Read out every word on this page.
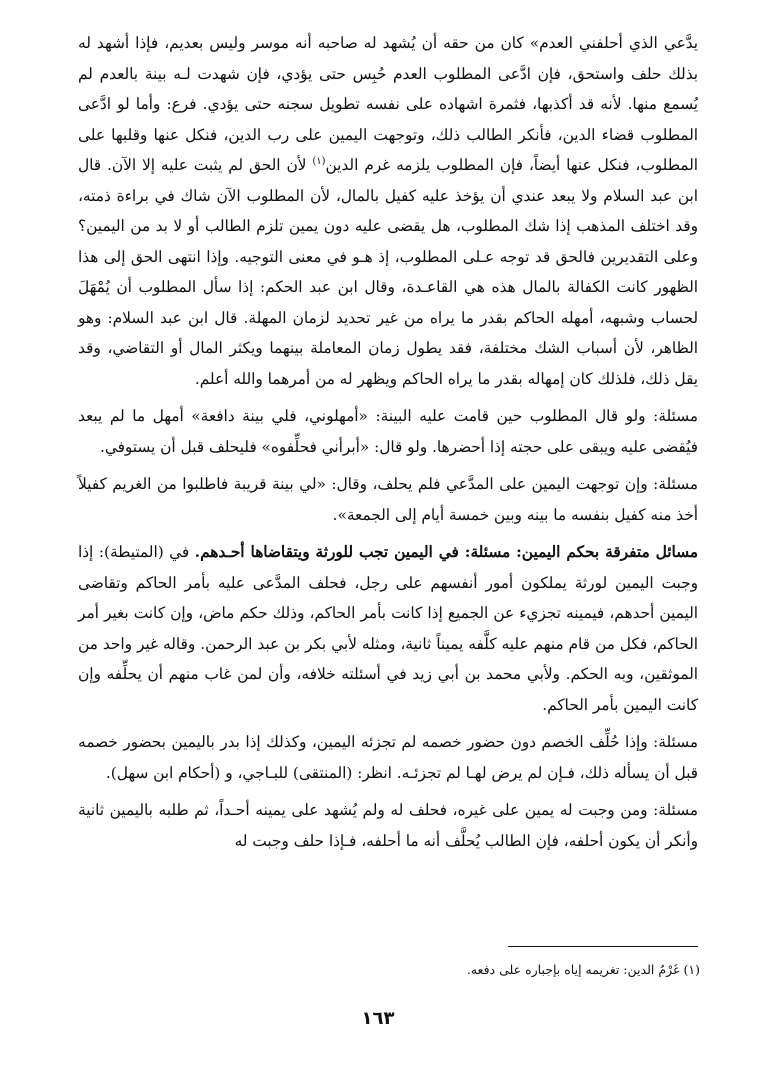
يدَّعي الذي أحلفني العدم» كان من حقه أن يُشهد له صاحبه أنه موسر وليس بعديم، فإذا أشهد له بذلك حلف واستحق، فإن ادَّعى المطلوب العدم حُبِس حتى يؤدي، فإن شهدت لـه بينة بالعدم لم يُسمع منها. لأنه قد أكذبها، فثمرة اشهاده على نفسه تطويل سجنه حتى يؤدي. فرع: وأما لو ادَّعى المطلوب قضاء الدين، فأنكر الطالب ذلك، وتوجهت اليمين على رب الدين، فنكل عنها وقلبها على المطلوب، فنكل عنها أيضاً، فإن المطلوب يلزمه غرم الدين$^{(١)}$ لأن الحق لم يثبت عليه إلا الآن. قال ابن عبد السلام ولا يبعد عندي أن يؤخذ عليه كفيل بالمال، لأن المطلوب الآن شاك في براءة ذمته، وقد اختلف المذهب إذا شك المطلوب، هل يقضى عليه دون يمين تلزم الطالب أو لا بد من اليمين؟ وعلى التقديرين فالحق قد توجه عـلى المطلوب، إذ هـو في معنى التوجيه. وإذا انتهى الحق إلى هذا الظهور كانت الكفالة بالمال هذه هي القاعـدة، وقال ابن عبد الحكم: إذا سأل المطلوب أن يُمْهَلَ لحساب وشبهه، أمهله الحاكم بقدر ما يراه من غير تحديد لزمان المهلة. قال ابن عبد السلام: وهو الظاهر، لأن أسباب الشك مختلفة، فقد يطول زمان المعاملة بينهما ويكثر المال أو التقاضي، وقد يقل ذلك، فلذلك كان إمهاله بقدر ما يراه الحاكم ويظهر له من أمرهما والله أعلم.

مسئلة: ولو قال المطلوب حين قامت عليه البينة: «أمهلوني، فلي بينة دافعة» أمهل ما لم يبعد فيُقضى عليه ويبقى على حجته إذا أحضرها. ولو قال: «أبرأني فحلِّفوه» فليحلف قبل أن يستوفي.

مسئلة: وإن توجهت اليمين على المدَّعي فلم يحلف، وقال: «لي بينة قريبة فاطلبوا من الغريم كفيلاً أخذ منه كفيل بنفسه ما بينه وبين خمسة أيام إلى الجمعة».

مسائل متفرقة بحكم اليمين: مسئلة: في اليمين تجب للورثة ويتقاضاها أحـدهم. في (المتيطة): إذا وجبت اليمين لورثة يملكون أمور أنفسهم على رجل، فحلف المدَّعى عليه بأمر الحاكم وتقاضى اليمين أحدهم، فيمينه تجزيء عن الجميع إذا كانت بأمر الحاكم، وذلك حكم ماض، وإن كانت بغير أمر الحاكم، فكل من قام منهم عليه كلَّفه يميناً ثانية، ومثله لأبي بكر بن عبد الرحمن. وقاله غير واحد من الموثقين، وبه الحكم. ولأبي محمد بن أبي زيد في أسئلته خلافه، وأن لمن غاب منهم أن يحلِّفه وإن كانت اليمين بأمر الحاكم.

مسئلة: وإذا حُلِّف الخصم دون حضور خصمه لم تجزئه اليمين، وكذلك إذا بدر باليمين بحضور خصمه قبل أن يسأله ذلك، فـإن لم يرض لهـا لم تجزئـه. انظر: (المنتقى) للبـاجي، و (أحكام ابن سهل).

مسئلة: ومن وجبت له يمين على غيره، فحلف له ولم يُشهد على يمينه أحـداً، ثم طلبه باليمين ثانية وأنكر أن يكون أحلفه، فإن الطالب يُحلَّف أنه ما أحلفه، فـإذا حلف وجبت له

(١) غَرْمُ الدين: تغريمه إياه بإجباره على دفعه.
١٦٣
